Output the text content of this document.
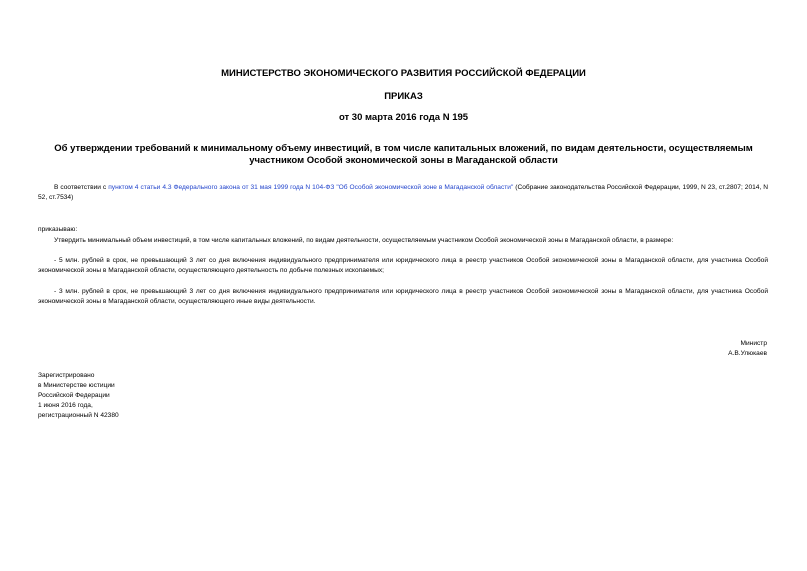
МИНИСТЕРСТВО ЭКОНОМИЧЕСКОГО РАЗВИТИЯ РОССИЙСКОЙ ФЕДЕРАЦИИ
ПРИКАЗ
от 30 марта 2016 года N 195
Об утверждении требований к минимальному объему инвестиций, в том числе капитальных вложений, по видам деятельности, осуществляемым участником Особой экономической зоны в Магаданской области
В соответствии с пунктом 4 статьи 4.3 Федерального закона от 31 мая 1999 года N 104-ФЗ "Об Особой экономической зоне в Магаданской области" (Собрание законодательства Российской Федерации, 1999, N 23, ст.2807; 2014, N 52, ст.7534)
приказываю:
Утвердить минимальный объем инвестиций, в том числе капитальных вложений, по видам деятельности, осуществляемым участником Особой экономической зоны в Магаданской области, в размере:
- 5 млн. рублей в срок, не превышающий 3 лет со дня включения индивидуального предпринимателя или юридического лица в реестр участников Особой экономической зоны в Магаданской области, для участника Особой экономической зоны в Магаданской области, осуществляющего деятельность по добыче полезных ископаемых;
- 3 млн. рублей в срок, не превышающий 3 лет со дня включения индивидуального предпринимателя или юридического лица в реестр участников Особой экономической зоны в Магаданской области, для участника Особой экономической зоны в Магаданской области, осуществляющего иные виды деятельности.
Министр
А.В.Улюкаев
Зарегистрировано
в Министерстве юстиции
Российской Федерации
1 июня 2016 года,
регистрационный N 42380
